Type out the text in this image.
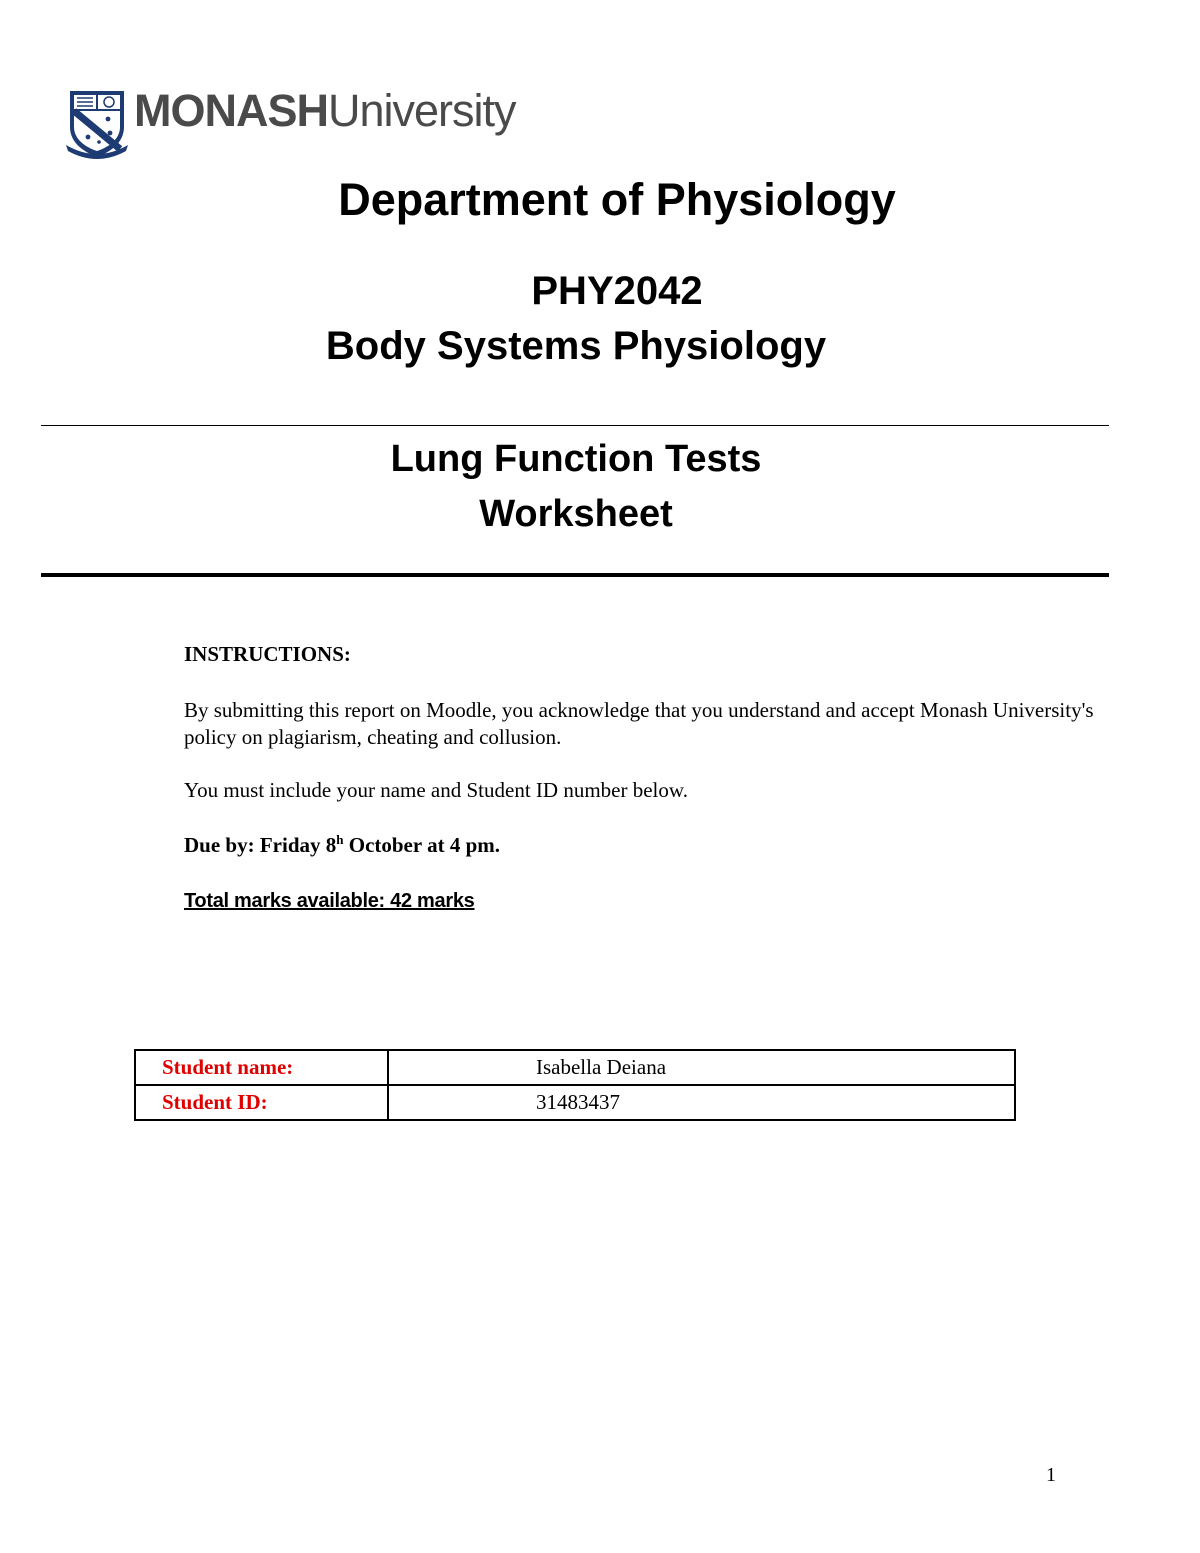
MONASHUniversity
Department of Physiology
PHY2042
Body Systems Physiology
Lung Function Tests
Worksheet
INSTRUCTIONS:
By submitting this report on Moodle, you acknowledge that you understand and accept Monash University's policy on plagiarism, cheating and collusion.
You must include your name and Student ID number below.
Due by: Friday 8$^h$ October at 4 pm.
Total marks available: 42 marks
Student name:	Isabella Deiana
Student ID:	31483437
1
